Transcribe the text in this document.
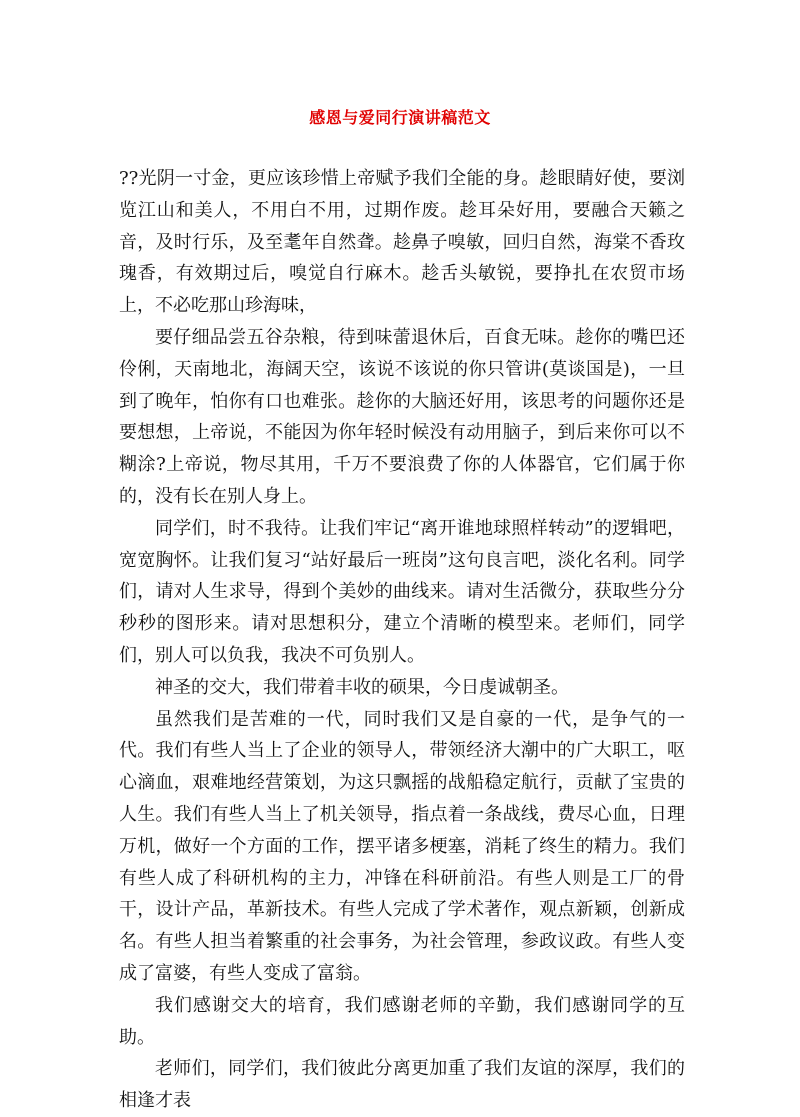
感恩与爱同行演讲稿范文

??光阴一寸金，更应该珍惜上帝赋予我们全能的身。趁眼睛好使，要浏览江山和美人，不用白不用，过期作废。趁耳朵好用，要融合天籁之音，及时行乐，及至耄年自然聋。趁鼻子嗅敏，回归自然，海棠不香玫瑰香，有效期过后，嗅觉自行麻木。趁舌头敏锐，要挣扎在农贸市场上，不必吃那山珍海味，

要仔细品尝五谷杂粮，待到味蕾退休后，百食无味。趁你的嘴巴还伶俐，天南地北，海阔天空，该说不该说的你只管讲(莫谈国是)，一旦到了晚年，怕你有口也难张。趁你的大脑还好用，该思考的问题你还是要想想，上帝说，不能因为你年轻时候没有动用脑子，到后来你可以不糊涂?上帝说，物尽其用，千万不要浪费了你的人体器官，它们属于你的，没有长在别人身上。

同学们，时不我待。让我们牢记“离开谁地球照样转动”的逻辑吧，宽宽胸怀。让我们复习“站好最后一班岗”这句良言吧，淡化名利。同学们，请对人生求导，得到个美妙的曲线来。请对生活微分，获取些分分秒秒的图形来。请对思想积分，建立个清晰的模型来。老师们，同学们，别人可以负我，我决不可负别人。

神圣的交大，我们带着丰收的硕果，今日虔诚朝圣。

虽然我们是苦难的一代，同时我们又是自豪的一代，是争气的一代。我们有些人当上了企业的领导人，带领经济大潮中的广大职工，呕心滴血，艰难地经营策划，为这只飘摇的战船稳定航行，贡献了宝贵的人生。我们有些人当上了机关领导，指点着一条战线，费尽心血，日理万机，做好一个方面的工作，摆平诸多梗塞，消耗了终生的精力。我们有些人成了科研机构的主力，冲锋在科研前沿。有些人则是工厂的骨干，设计产品，革新技术。有些人完成了学术著作，观点新颖，创新成名。有些人担当着繁重的社会事务，为社会管理，参政议政。有些人变成了富婆，有些人变成了富翁。

我们感谢交大的培育，我们感谢老师的辛勤，我们感谢同学的互助。

老师们，同学们，我们彼此分离更加重了我们友谊的深厚，我们的相逢才表
